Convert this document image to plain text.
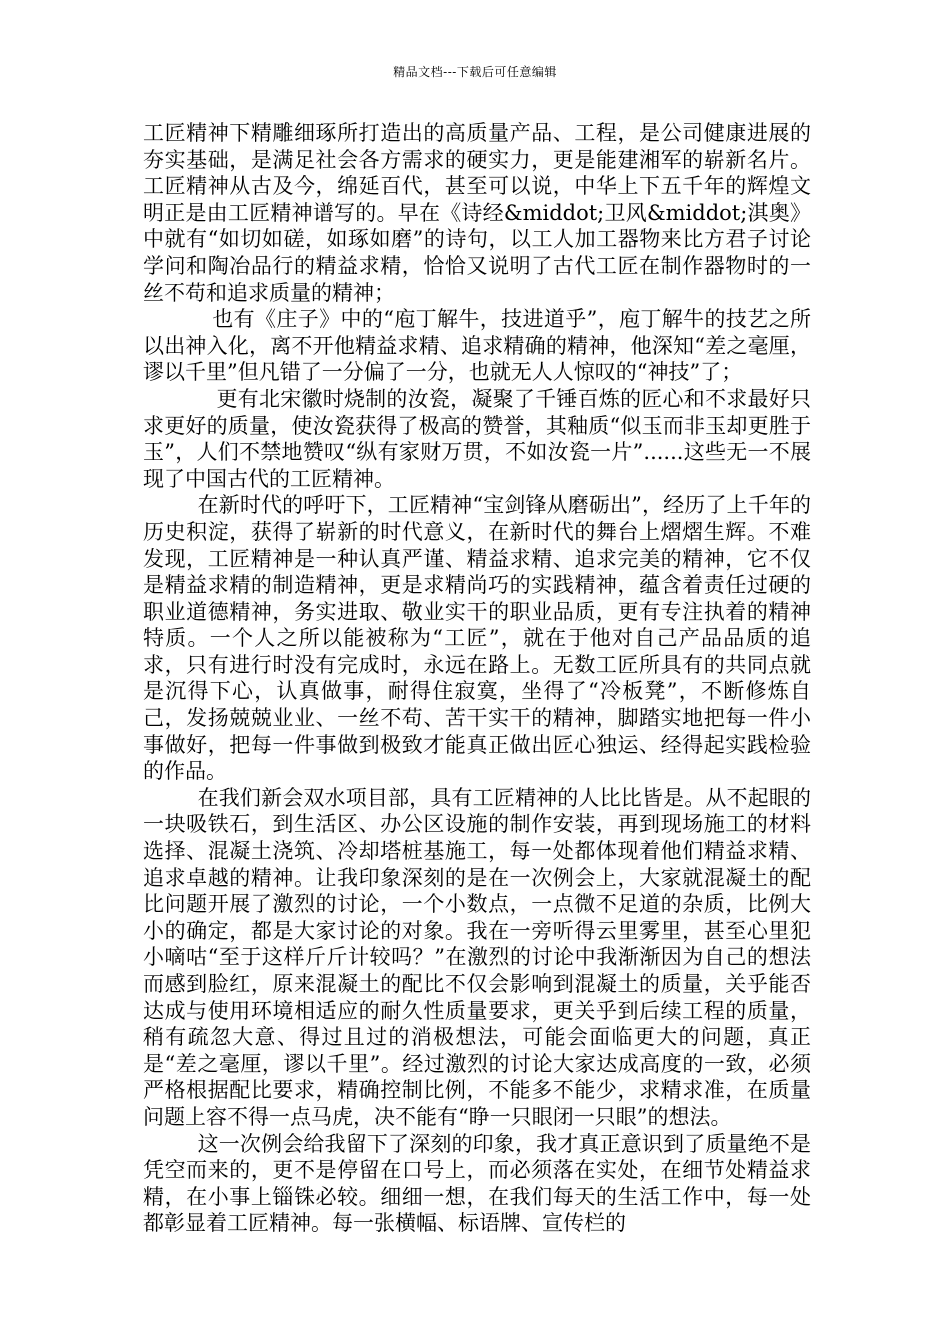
精品文档---下载后可任意编辑

工匠精神下精雕细琢所打造出的高质量产品、工程，是公司健康进展的夯实基础，是满足社会各方需求的硬实力，更是能建湘军的崭新名片。工匠精神从古及今，绵延百代，甚至可以说，中华上下五千年的辉煌文明正是由工匠精神谱写的。早在《诗经&middot;卫风&middot;淇奥》中就有“如切如磋，如琢如磨”的诗句，以工人加工器物来比方君子讨论学问和陶冶品行的精益求精，恰恰又说明了古代工匠在制作器物时的一丝不苟和追求质量的精神；

也有《庄子》中的“庖丁解牛，技进道乎”，庖丁解牛的技艺之所以出神入化，离不开他精益求精、追求精确的精神，他深知“差之毫厘，谬以千里”但凡错了一分偏了一分，也就无人人惊叹的“神技”了；

更有北宋徽时烧制的汝瓷，凝聚了千锤百炼的匠心和不求最好只求更好的质量，使汝瓷获得了极高的赞誉，其釉质“似玉而非玉却更胜于玉”，人们不禁地赞叹“纵有家财万贯，不如汝瓷一片”......这些无一不展现了中国古代的工匠精神。

在新时代的呼吁下，工匠精神“宝剑锋从磨砺出”，经历了上千年的历史积淀，获得了崭新的时代意义，在新时代的舞台上熠熠生辉。不难发现，工匠精神是一种认真严谨、精益求精、追求完美的精神，它不仅是精益求精的制造精神，更是求精尚巧的实践精神，蕴含着责任过硬的职业道德精神，务实进取、敬业实干的职业品质，更有专注执着的精神特质。一个人之所以能被称为“工匠”，就在于他对自己产品品质的追求，只有进行时没有完成时，永远在路上。无数工匠所具有的共同点就是沉得下心，认真做事，耐得住寂寞，坐得了“冷板凳”，不断修炼自己，发扬兢兢业业、一丝不苟、苦干实干的精神，脚踏实地把每一件小事做好，把每一件事做到极致才能真正做出匠心独运、经得起实践检验的作品。

在我们新会双水项目部，具有工匠精神的人比比皆是。从不起眼的一块吸铁石，到生活区、办公区设施的制作安装，再到现场施工的材料选择、混凝土浇筑、冷却塔桩基施工，每一处都体现着他们精益求精、追求卓越的精神。让我印象深刻的是在一次例会上，大家就混凝土的配比问题开展了激烈的讨论，一个小数点，一点微不足道的杂质，比例大小的确定，都是大家讨论的对象。我在一旁听得云里雾里，甚至心里犯小嘀咕“至于这样斤斤计较吗？”在激烈的讨论中我渐渐因为自己的想法而感到脸红，原来混凝土的配比不仅会影响到混凝土的质量，关乎能否达成与使用环境相适应的耐久性质量要求，更关乎到后续工程的质量，稍有疏忽大意、得过且过的消极想法，可能会面临更大的问题，真正是“差之毫厘，谬以千里”。经过激烈的讨论大家达成高度的一致，必须严格根据配比要求，精确控制比例，不能多不能少，求精求准，在质量问题上容不得一点马虎，决不能有“睁一只眼闭一只眼”的想法。

这一次例会给我留下了深刻的印象，我才真正意识到了质量绝不是凭空而来的，更不是停留在口号上，而必须落在实处，在细节处精益求精，在小事上锱铢必较。细细一想，在我们每天的生活工作中，每一处都彰显着工匠精神。每一张横幅、标语牌、宣传栏的
